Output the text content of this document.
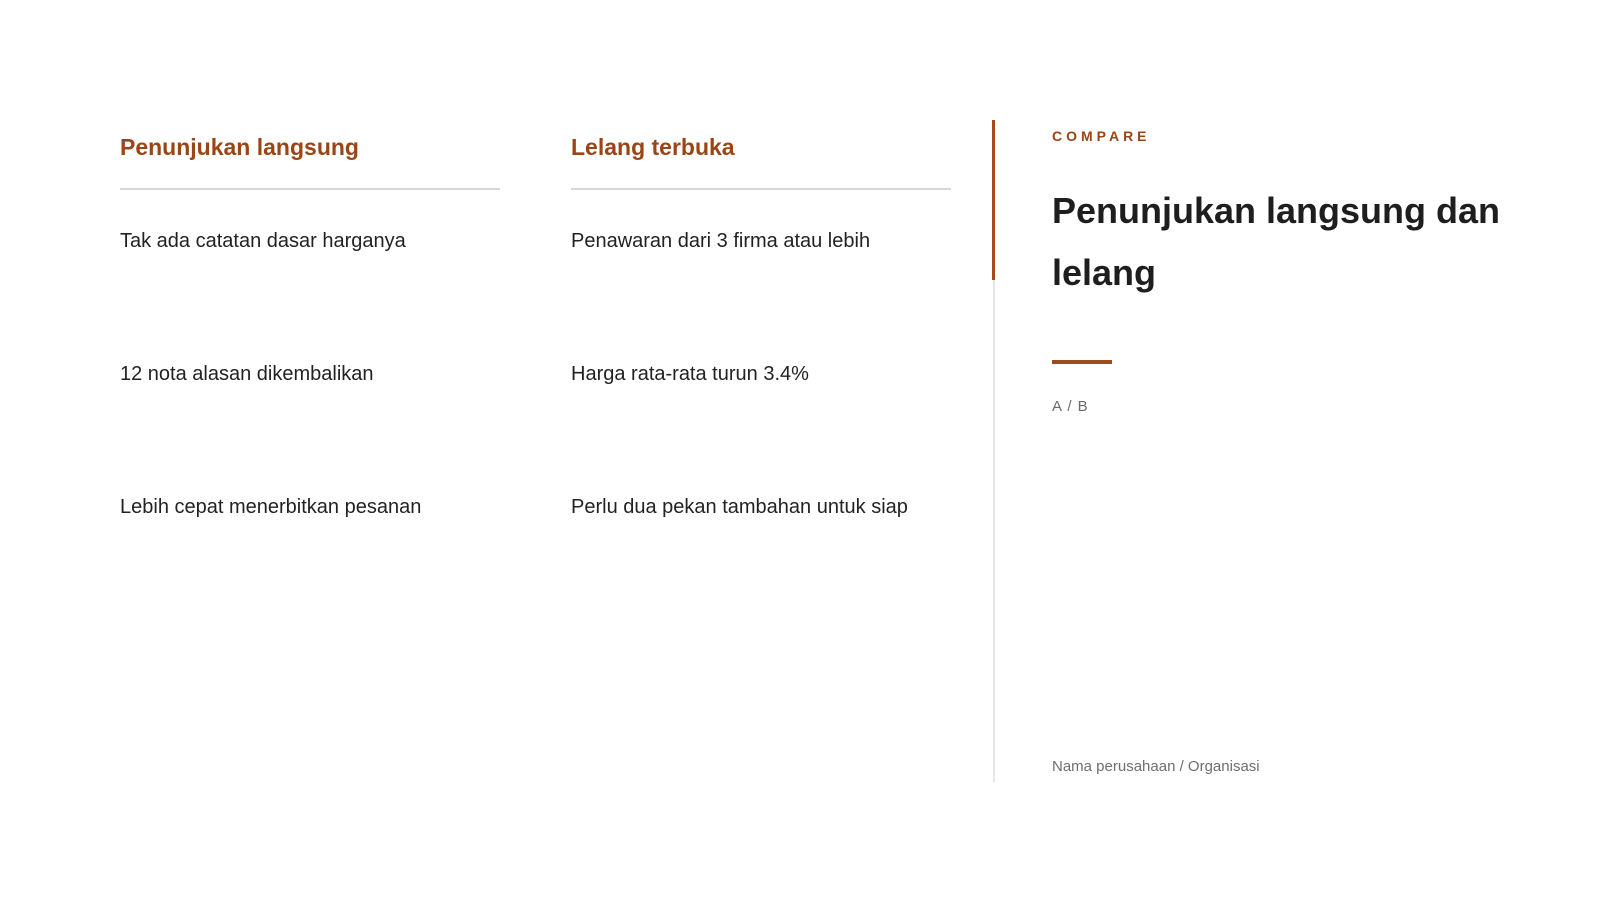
Penunjukan langsung
Tak ada catatan dasar harganya
12 nota alasan dikembalikan
Lebih cepat menerbitkan pesanan
Lelang terbuka
Penawaran dari 3 firma atau lebih
Harga rata-rata turun 3.4%
Perlu dua pekan tambahan untuk siap
COMPARE
Penunjukan langsung dan lelang
A / B
Nama perusahaan / Organisasi
